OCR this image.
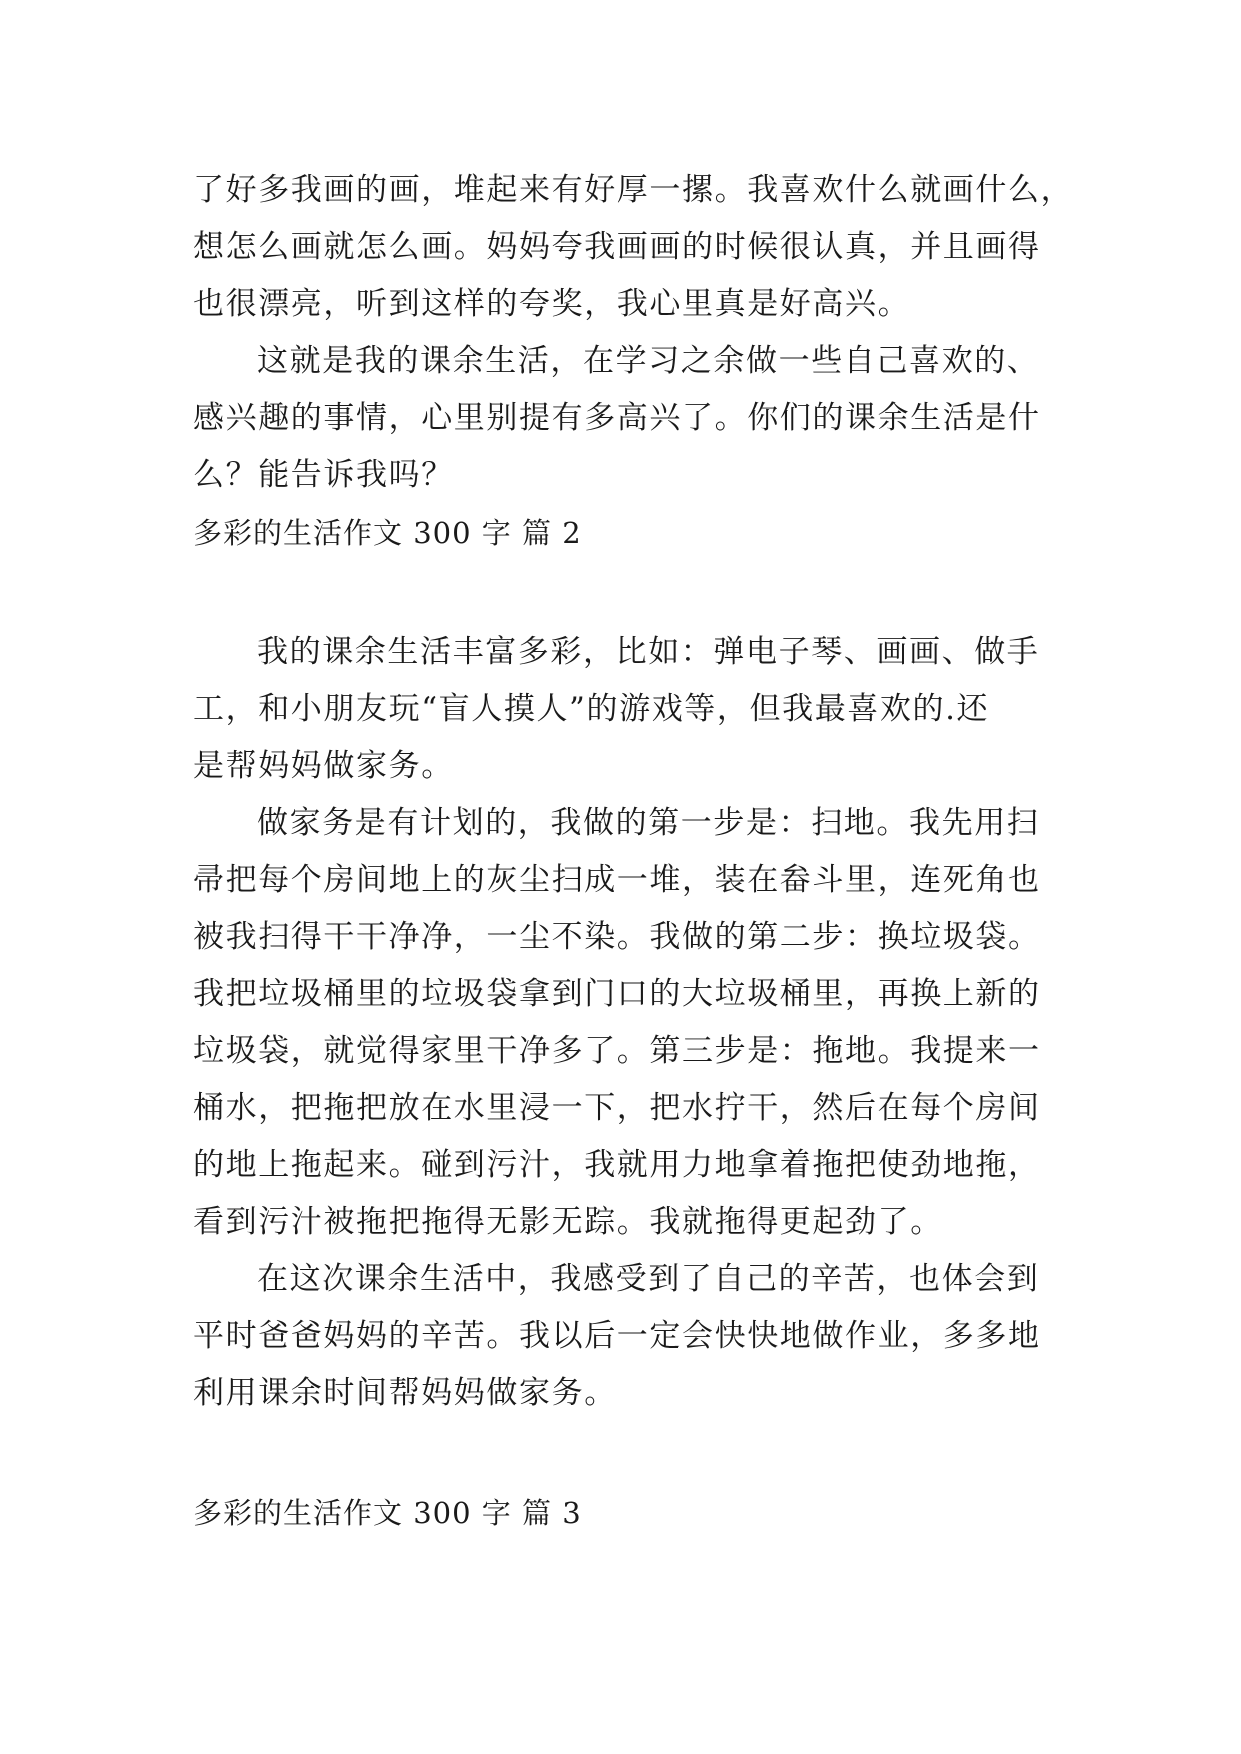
了好多我画的画，堆起来有好厚一摞。我喜欢什么就画什么，
想怎么画就怎么画。妈妈夸我画画的时候很认真，并且画得
也很漂亮，听到这样的夸奖，我心里真是好高兴。
这就是我的课余生活，在学习之余做一些自己喜欢的、
感兴趣的事情，心里别提有多高兴了。你们的课余生活是什
么？能告诉我吗？
多彩的生活作文 300 字 篇 2
我的课余生活丰富多彩，比如：弹电子琴、画画、做手
工，和小朋友玩“盲人摸人”的游戏等，但我最喜欢的.还
是帮妈妈做家务。
做家务是有计划的，我做的第一步是：扫地。我先用扫
帚把每个房间地上的灰尘扫成一堆，装在畚斗里，连死角也
被我扫得干干净净，一尘不染。我做的第二步：换垃圾袋。
我把垃圾桶里的垃圾袋拿到门口的大垃圾桶里，再换上新的
垃圾袋，就觉得家里干净多了。第三步是：拖地。我提来一
桶水，把拖把放在水里浸一下，把水拧干，然后在每个房间
的地上拖起来。碰到污汁，我就用力地拿着拖把使劲地拖，
看到污汁被拖把拖得无影无踪。我就拖得更起劲了。
在这次课余生活中，我感受到了自己的辛苦，也体会到
平时爸爸妈妈的辛苦。我以后一定会快快地做作业，多多地
利用课余时间帮妈妈做家务。
多彩的生活作文 300 字 篇 3
